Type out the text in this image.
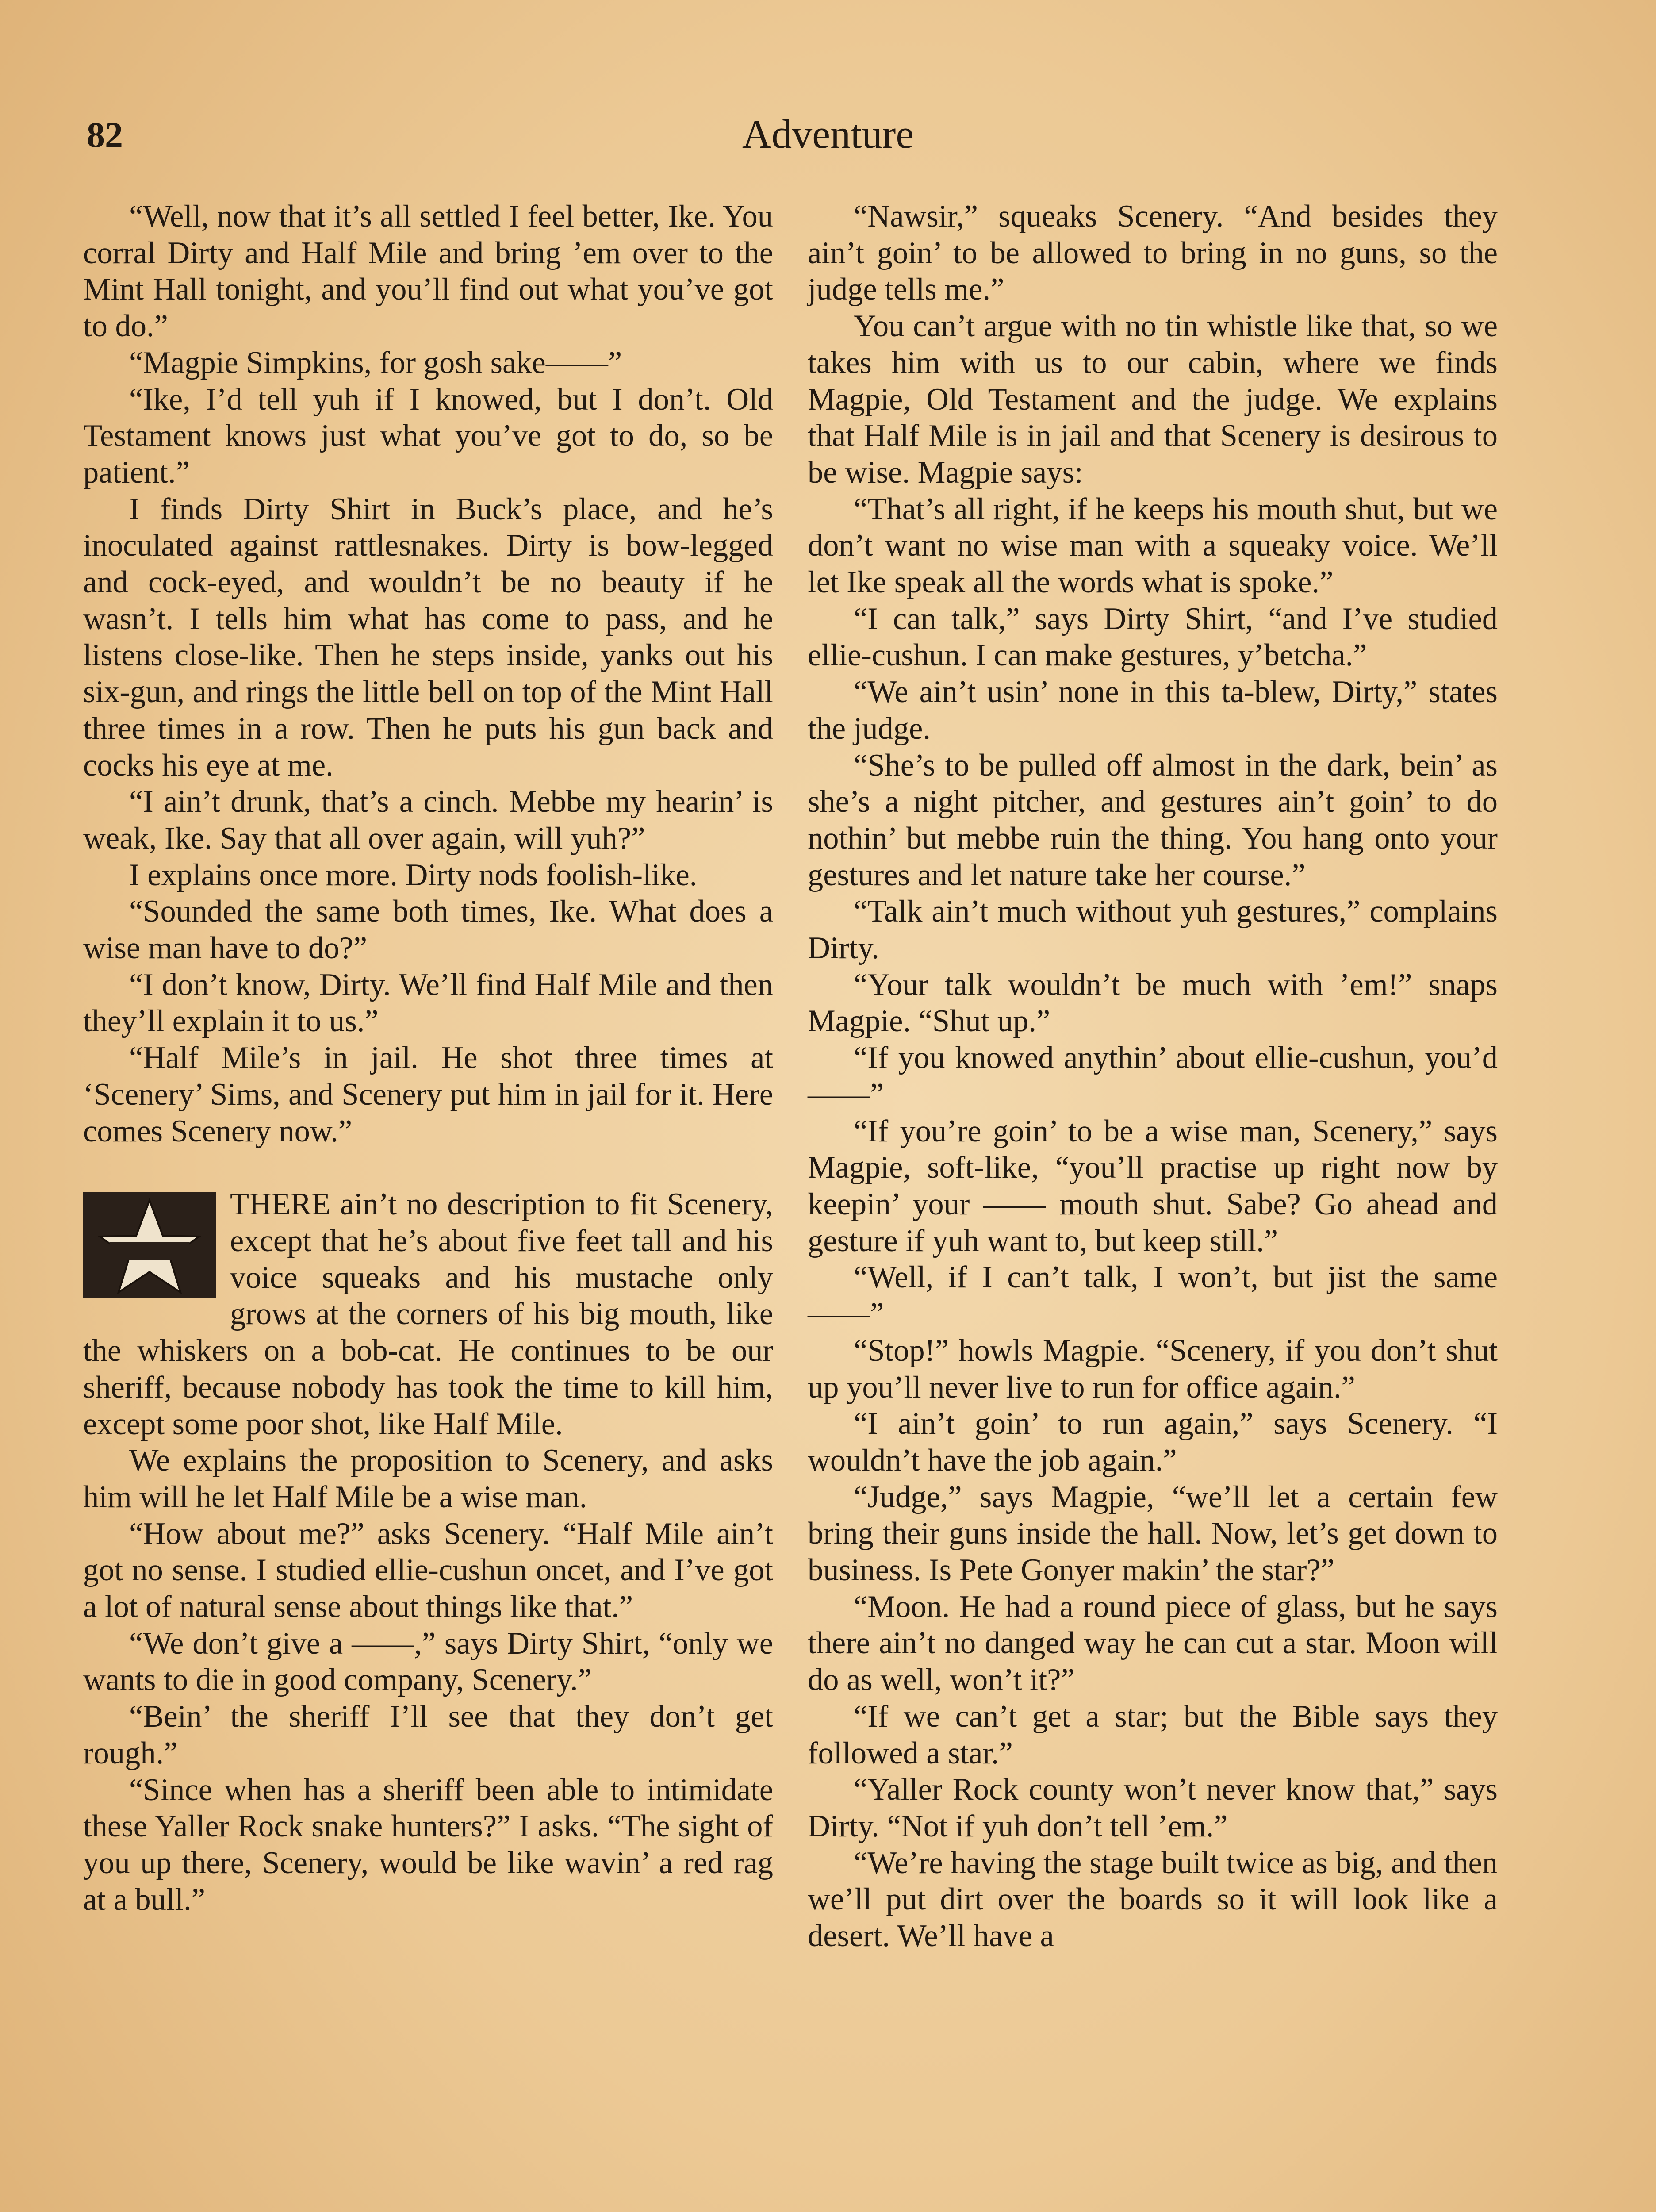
82	Adventure

“Well, now that it’s all settled I feel better, Ike. You corral Dirty and Half Mile and bring ’em over to the Mint Hall tonight, and you’ll find out what you’ve got to do.”

“Magpie Simpkins, for gosh sake——”

“Ike, I’d tell yuh if I knowed, but I don’t. Old Testament knows just what you’ve got to do, so be patient.”

I finds Dirty Shirt in Buck’s place, and he’s inoculated against rattlesnakes. Dirty is bow-legged and cock-eyed, and wouldn’t be no beauty if he wasn’t. I tells him what has come to pass, and he listens close-like. Then he steps inside, yanks out his six-gun, and rings the little bell on top of the Mint Hall three times in a row. Then he puts his gun back and cocks his eye at me.

“I ain’t drunk, that’s a cinch. Mebbe my hearin’ is weak, Ike. Say that all over again, will yuh?”

I explains once more. Dirty nods foolish-like.

“Sounded the same both times, Ike. What does a wise man have to do?”

“I don’t know, Dirty. We’ll find Half Mile and then they’ll explain it to us.”

“Half Mile’s in jail. He shot three times at ‘Scenery’ Sims, and Scenery put him in jail for it. Here comes Scenery now.”

THERE ain’t no description to fit Scenery, except that he’s about five feet tall and his voice squeaks and his mustache only grows at the corners of his big mouth, like the whiskers on a bob-cat. He continues to be our sheriff, because nobody has took the time to kill him, except some poor shot, like Half Mile.

We explains the proposition to Scenery, and asks him will he let Half Mile be a wise man.

“How about me?” asks Scenery. “Half Mile ain’t got no sense. I studied ellie-cushun oncet, and I’ve got a lot of natural sense about things like that.”

“We don’t give a ——,” says Dirty Shirt, “only we wants to die in good company, Scenery.”

“Bein’ the sheriff I’ll see that they don’t get rough.”

“Since when has a sheriff been able to intimidate these Yaller Rock snake hunters?” I asks. “The sight of you up there, Scenery, would be like wavin’ a red rag at a bull.”

“Nawsir,” squeaks Scenery. “And besides they ain’t goin’ to be allowed to bring in no guns, so the judge tells me.”

You can’t argue with no tin whistle like that, so we takes him with us to our cabin, where we finds Magpie, Old Testament and the judge. We explains that Half Mile is in jail and that Scenery is desirous to be wise. Magpie says:

“That’s all right, if he keeps his mouth shut, but we don’t want no wise man with a squeaky voice. We’ll let Ike speak all the words what is spoke.”

“I can talk,” says Dirty Shirt, “and I’ve studied ellie-cushun. I can make gestures, y’betcha.”

“We ain’t usin’ none in this ta-blew, Dirty,” states the judge.

“She’s to be pulled off almost in the dark, bein’ as she’s a night pitcher, and gestures ain’t goin’ to do nothin’ but mebbe ruin the thing. You hang onto your gestures and let nature take her course.”

“Talk ain’t much without yuh gestures,” complains Dirty.

“Your talk wouldn’t be much with ’em!” snaps Magpie. “Shut up.”

“If you knowed anythin’ about ellie-cushun, you’d——”

“If you’re goin’ to be a wise man, Scenery,” says Magpie, soft-like, “you’ll practise up right now by keepin’ your —— mouth shut. Sabe? Go ahead and gesture if yuh want to, but keep still.”

“Well, if I can’t talk, I won’t, but jist the same——”

“Stop!” howls Magpie. “Scenery, if you don’t shut up you’ll never live to run for office again.”

“I ain’t goin’ to run again,” says Scenery. “I wouldn’t have the job again.”

“Judge,” says Magpie, “we’ll let a certain few bring their guns inside the hall. Now, let’s get down to business. Is Pete Gonyer makin’ the star?”

“Moon. He had a round piece of glass, but he says there ain’t no danged way he can cut a star. Moon will do as well, won’t it?”

“If we can’t get a star; but the Bible says they followed a star.”

“Yaller Rock county won’t never know that,” says Dirty. “Not if yuh don’t tell ’em.”

“We’re having the stage built twice as big, and then we’ll put dirt over the boards so it will look like a desert. We’ll have a
